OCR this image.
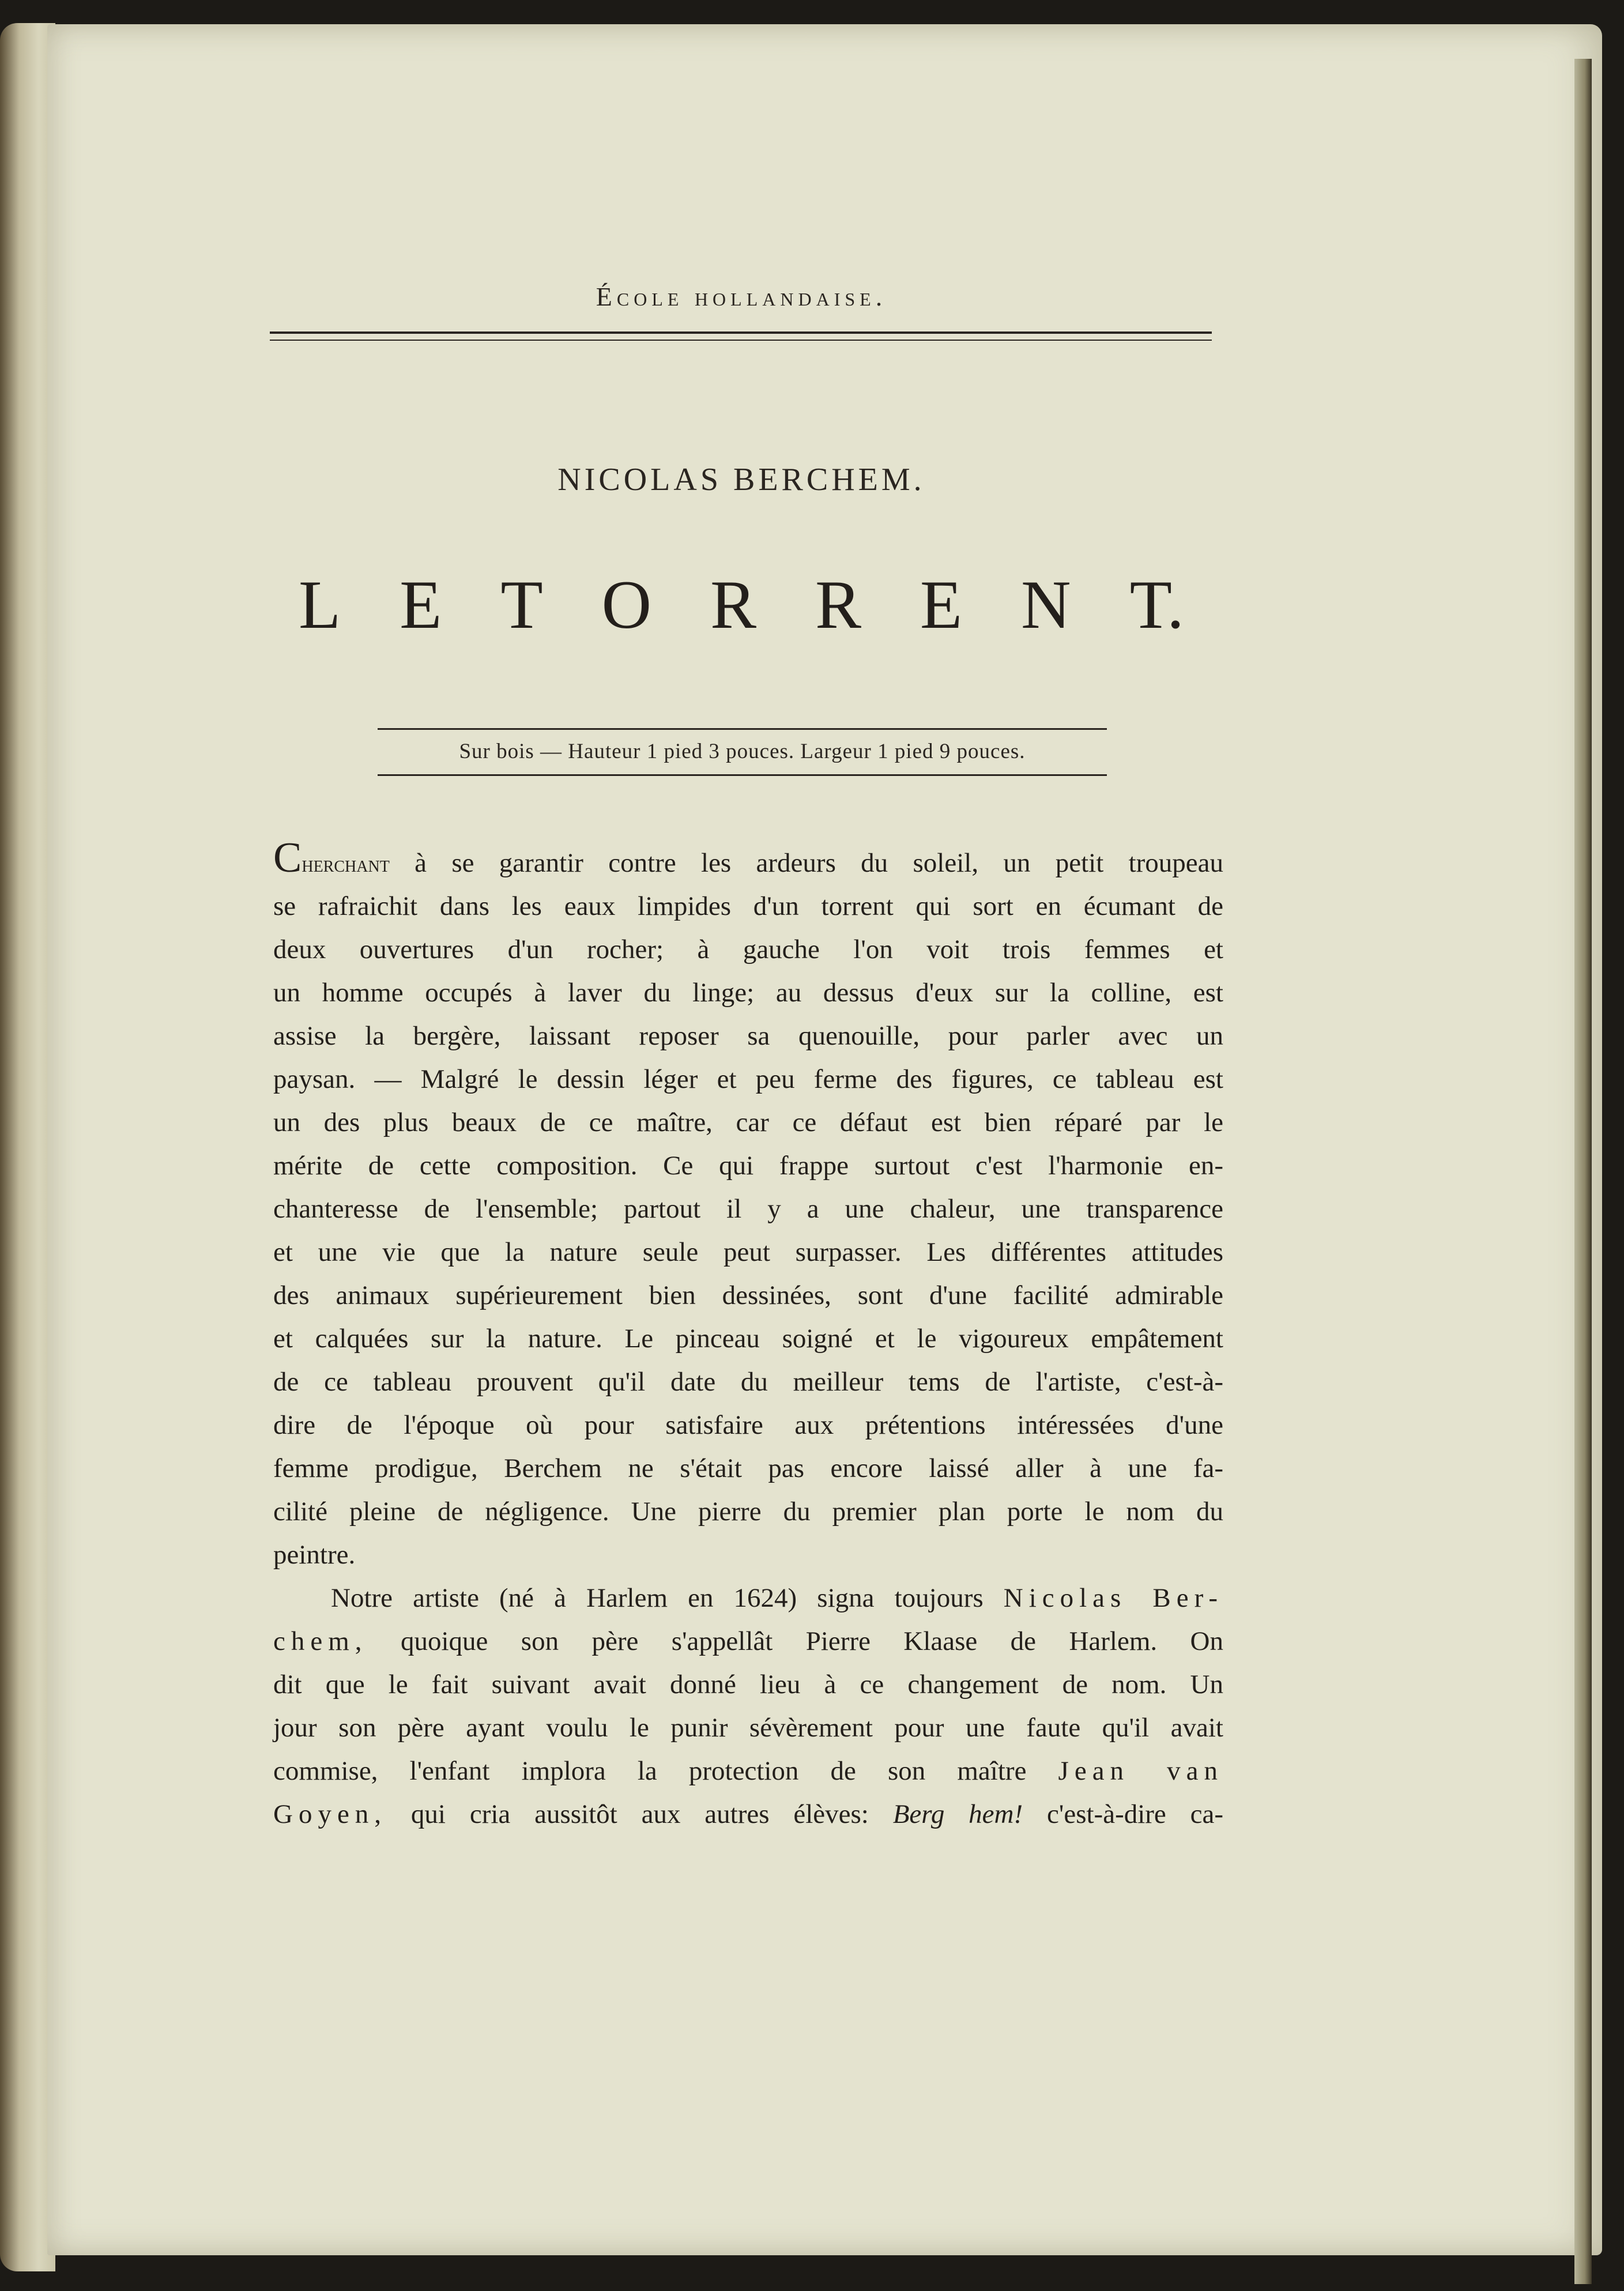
École hollandaise.
NICOLAS BERCHEM.
L E T O R R E N T.
Sur bois — Hauteur 1 pied 3 pouces. Largeur 1 pied 9 pouces.
Cherchant à se garantir contre les ardeurs du soleil, un petit troupeau
se rafraichit dans les eaux limpides d'un torrent qui sort en écumant de
deux ouvertures d'un rocher; à gauche l'on voit trois femmes et
un homme occupés à laver du linge; au dessus d'eux sur la colline, est
assise la bergère, laissant reposer sa quenouille, pour parler avec un
paysan. — Malgré le dessin léger et peu ferme des figures, ce tableau est
un des plus beaux de ce maître, car ce défaut est bien réparé par le
mérite de cette composition. Ce qui frappe surtout c'est l'harmonie en-
chanteresse de l'ensemble; partout il y a une chaleur, une transparence
et une vie que la nature seule peut surpasser. Les différentes attitudes
des animaux supérieurement bien dessinées, sont d'une facilité admirable
et calquées sur la nature. Le pinceau soigné et le vigoureux empâtement
de ce tableau prouvent qu'il date du meilleur tems de l'artiste, c'est-à-
dire de l'époque où pour satisfaire aux prétentions intéressées d'une
femme prodigue, Berchem ne s'était pas encore laissé aller à une fa-
cilité pleine de négligence. Une pierre du premier plan porte le nom du
peintre.
Notre artiste (né à Harlem en 1624) signa toujours Nicolas Ber-
chem, quoique son père s'appellât Pierre Klaase de Harlem. On
dit que le fait suivant avait donné lieu à ce changement de nom. Un
jour son père ayant voulu le punir sévèrement pour une faute qu'il avait
commise, l'enfant implora la protection de son maître Jean van
Goyen, qui cria aussitôt aux autres élèves: Berg hem! c'est-à-dire ca-
